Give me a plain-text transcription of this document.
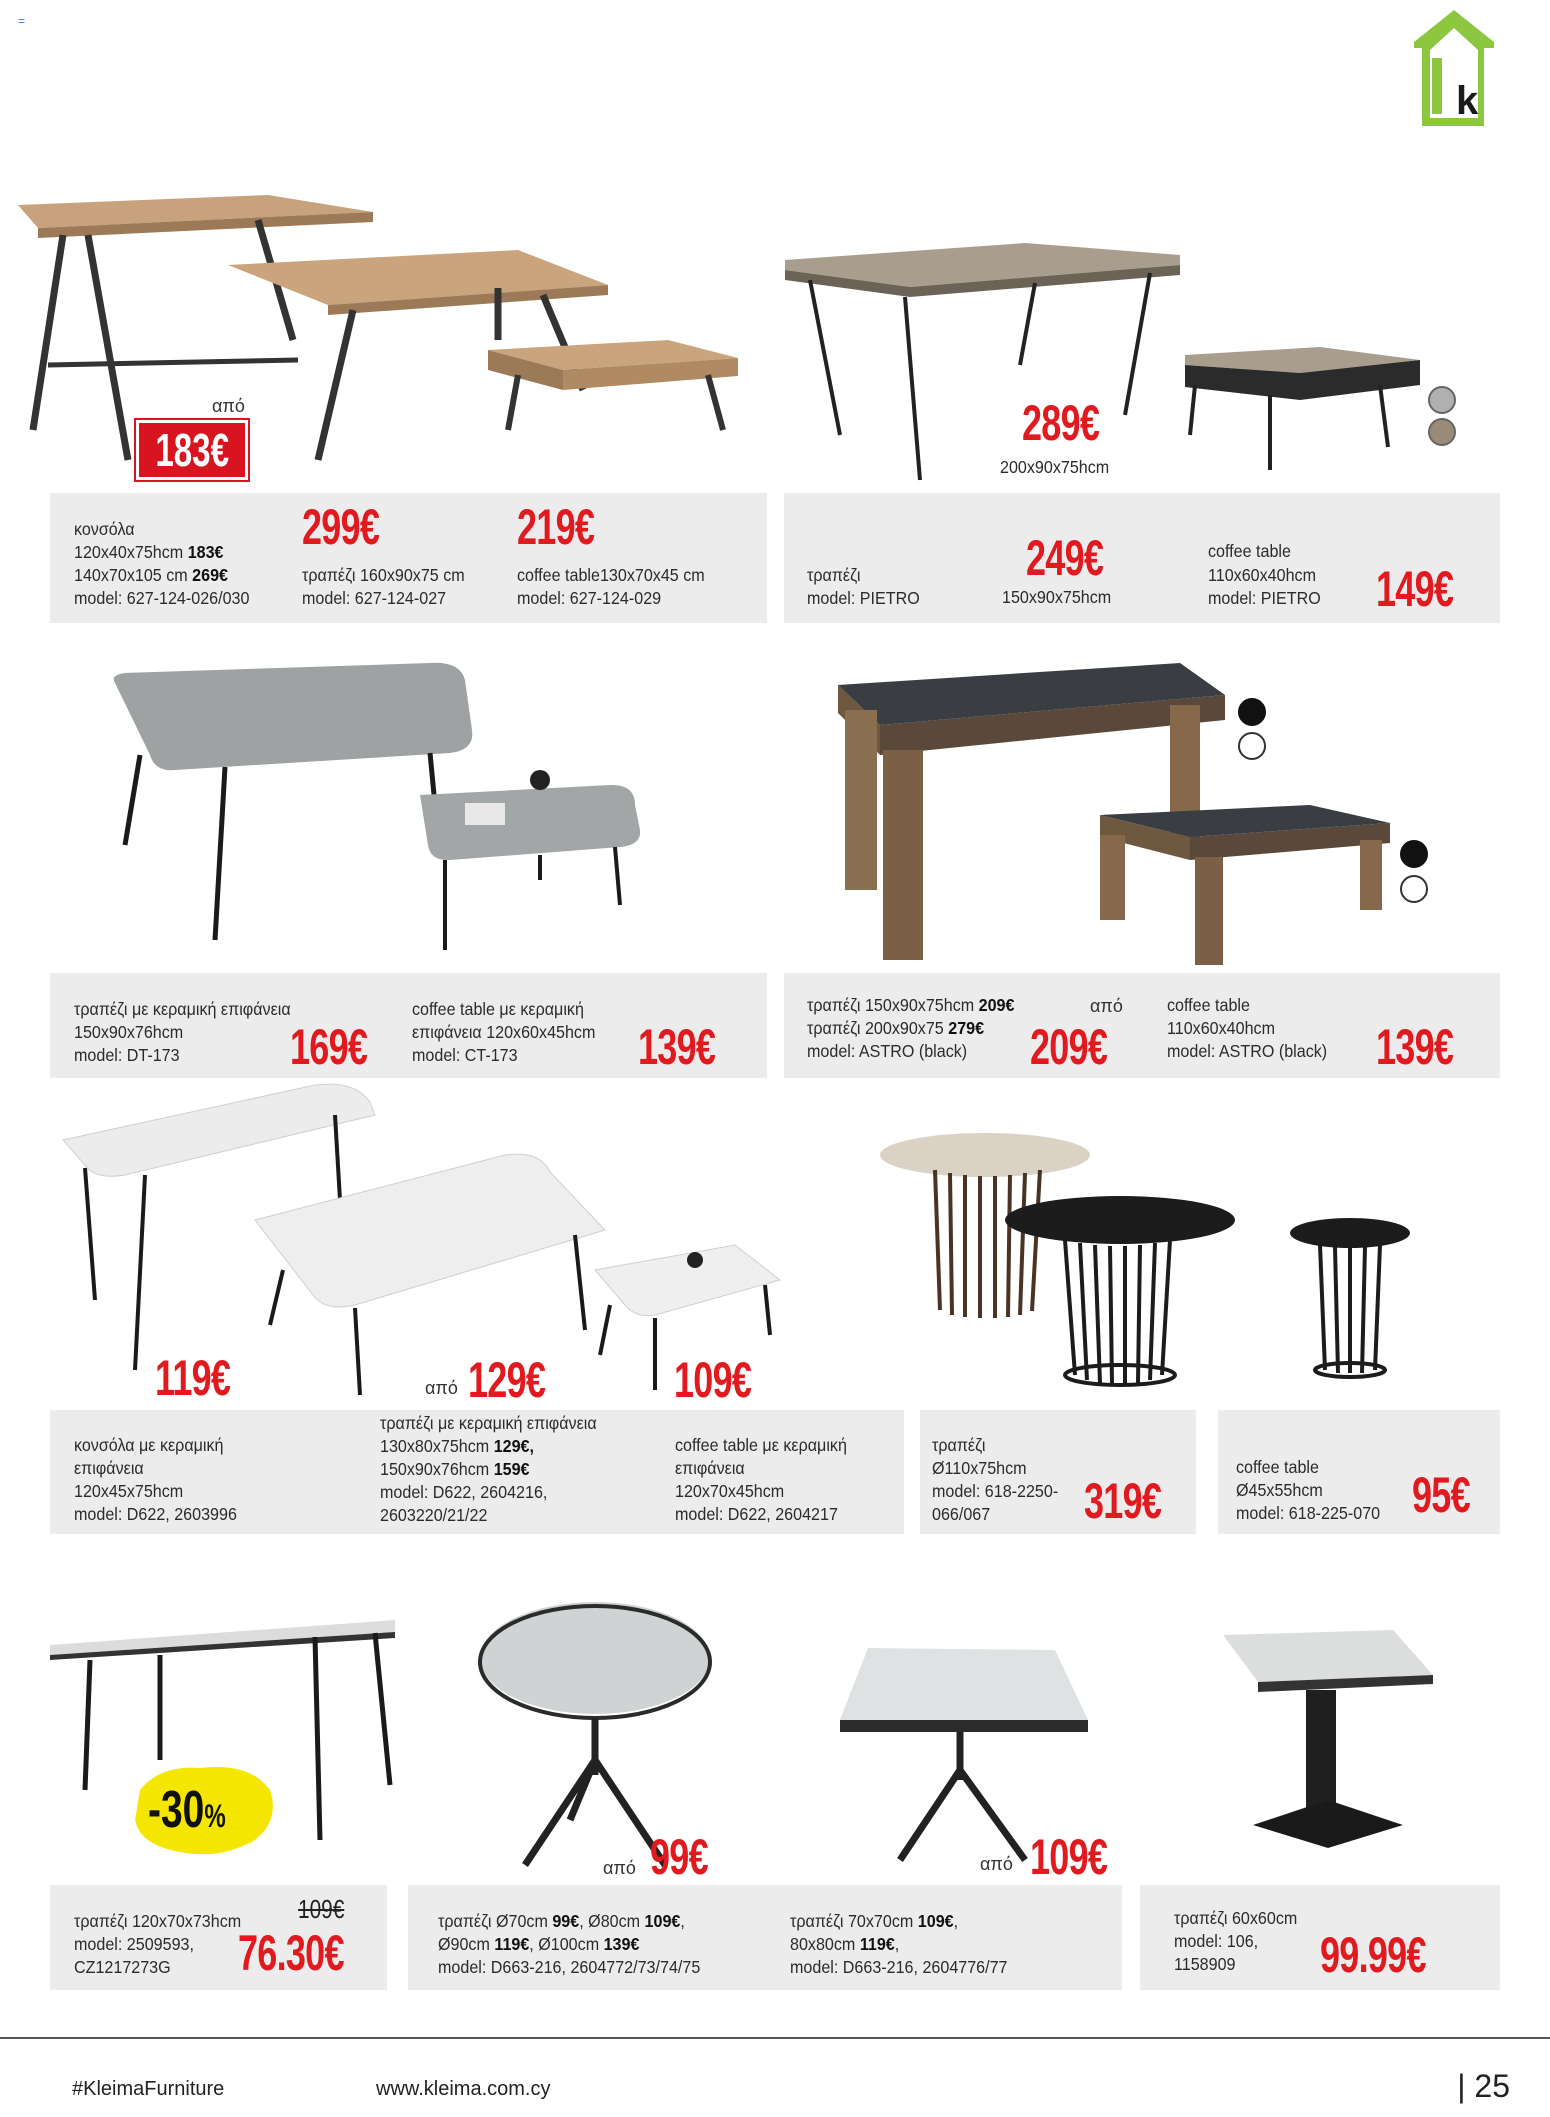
=
k
από
183€	289€
200x90x75hcm
κονσόλα
120x40x75hcm 183€
140x70x105 cm 269€
model: 627-124-026/030
299€
τραπέζι 160x90x75 cm
model: 627-124-027
219€
coffee table130x70x45 cm
model: 627-124-029
τραπέζι
model: PIETRO
249€
150x90x75hcm
coffee table
110x60x40hcm
model: PIETRO 149€
τραπέζι με κεραμική επιφάνεια
150x90x76hcm
model: DT-173 169€
coffee table με κεραμική
επιφάνεια 120x60x45hcm
model: CT-173 139€
τραπέζι 150x90x75hcm 209€
τραπέζι 200x90x75 279€
model: ASTRO (black)
από
209€
coffee table
110x60x40hcm
model: ASTRO (black) 139€
119€	από 129€	109€
κονσόλα με κεραμική
επιφάνεια
120x45x75hcm
model: D622, 2603996
τραπέζι με κεραμική επιφάνεια
130x80x75hcm 129€,
150x90x76hcm 159€
model: D622, 2604216,
2603220/21/22
coffee table με κεραμική
επιφάνεια
120x70x45hcm
model: D622, 2604217
τραπέζι
Ø110x75hcm
model: 618-2250-
066/067 319€
coffee table
Ø45x55hcm
model: 618-225-070 95€
-30%
από 99€	από 109€
τραπέζι 120x70x73hcm
model: 2509593,
CZ1217273G
109€
76.30€
τραπέζι Ø70cm 99€, Ø80cm 109€,
Ø90cm 119€, Ø100cm 139€
model: D663-216, 2604772/73/74/75
τραπέζι 70x70cm 109€,
80x80cm 119€,
model: D663-216, 2604776/77
τραπέζι 60x60cm
model: 106,
1158909 99.99€
#KleimaFurniture	www.kleima.com.cy	| 25
